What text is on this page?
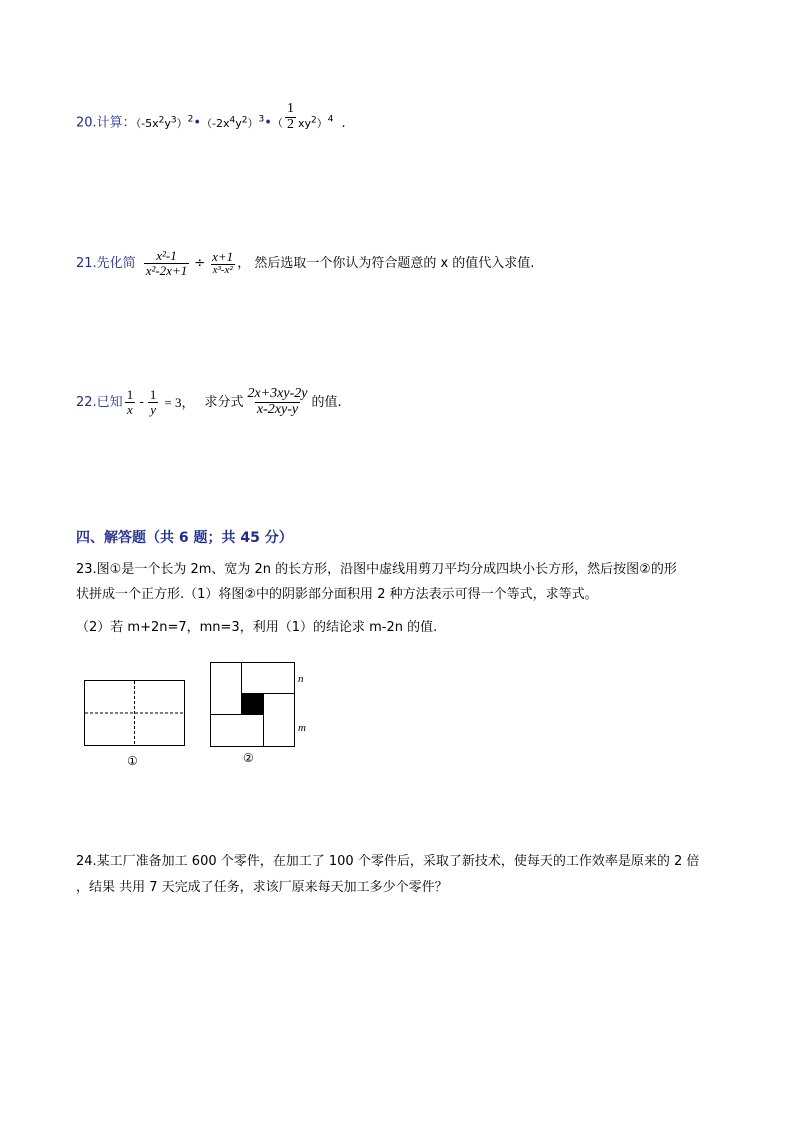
20.计算：$(-5x^2y^3)^2•(-2x^4y^2)^3•( \frac{1}{2} xy^2)^4$ .
21.先化简 $\frac{\text{x²-1}}{\text{x²-2x+1}} \div \frac{x+1}{\text{x³-x²}}$ ， 然后选取一个你认为符合题意的 x 的值代入求值.
22.已知 $\frac{1}{x} - \frac{1}{y} = 3$， 求分式 $\frac{2x+3xy-2y}{x-2xy-y}$ 的值.
四、解答题（共 6 题；共 45 分）
23.图①是一个长为 2m、宽为 2n 的长方形，沿图中虚线用剪刀平均分成四块小长方形，然后按图②的形
状拼成一个正方形.（1）将图②中的阴影部分面积用 2 种方法表示可得一个等式，求等式。
（2）若 m+2n=7，mn=3，利用（1）的结论求 m-2n 的值.
①	②
n
m
24.某工厂准备加工 600 个零件，在加工了 100 个零件后，采取了新技术，使每天的工作效率是原来的 2 倍
，结果 共用 7 天完成了任务，求该厂原来每天加工多少个零件？
